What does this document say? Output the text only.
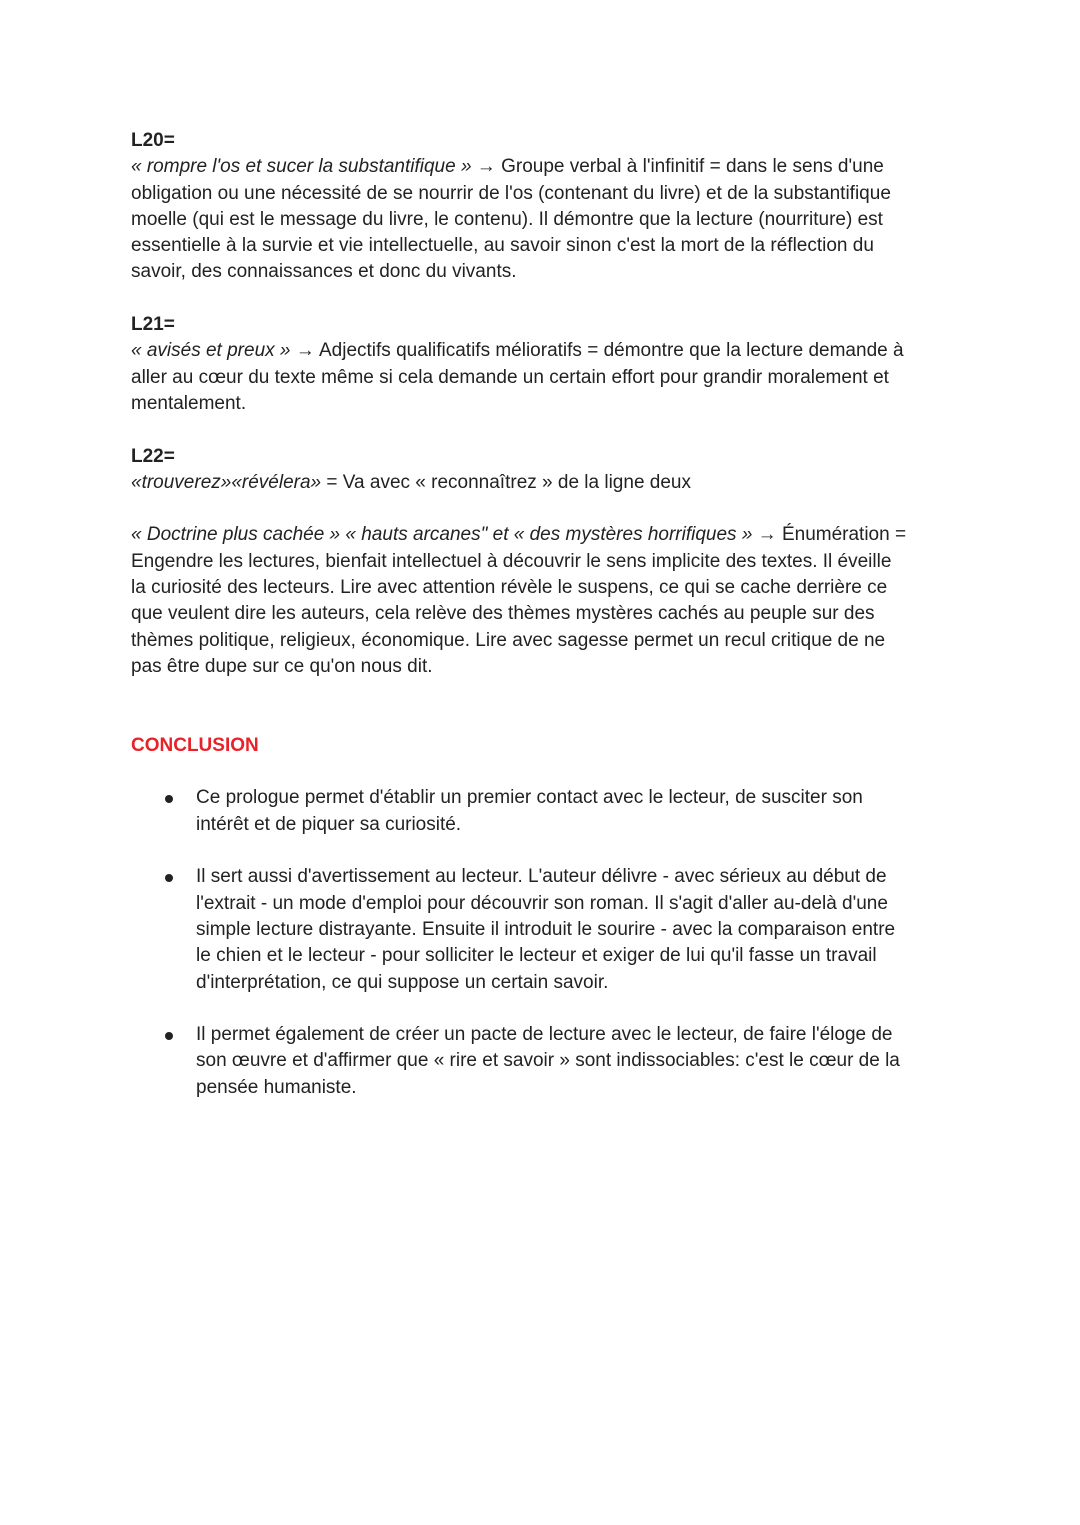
L20=

« rompre l'os et sucer la substantifique » → Groupe verbal à l'infinitif = dans le sens d'une

obligation ou une nécessité de se nourrir de l'os (contenant du livre) et de la substantifique

moelle (qui est le message du livre, le contenu). Il démontre que la lecture (nourriture) est

essentielle à la survie et vie intellectuelle, au savoir sinon c'est la mort de la réflection du

savoir, des connaissances et donc du vivants.

L21=

« avisés et preux » → Adjectifs qualificatifs mélioratifs = démontre que la lecture demande à

aller au cœur du texte même si cela demande un certain effort pour grandir moralement et

mentalement.

L22=

«trouverez»«révélera» = Va avec « reconnaîtrez » de la ligne deux

« Doctrine plus cachée » « hauts arcanes" et « des mystères horrifiques » → Énumération =

Engendre les lectures, bienfait intellectuel à découvrir le sens implicite des textes. Il éveille

la curiosité des lecteurs. Lire avec attention révèle le suspens, ce qui se cache derrière ce

que veulent dire les auteurs, cela relève des thèmes mystères cachés au peuple sur des

thèmes politique, religieux, économique. Lire avec sagesse permet un recul critique de ne

pas être dupe sur ce qu'on nous dit.

CONCLUSION

Ce prologue permet d'établir un premier contact avec le lecteur, de susciter son

intérêt et de piquer sa curiosité.

Il sert aussi d'avertissement au lecteur. L'auteur délivre - avec sérieux au début de

l'extrait - un mode d'emploi pour découvrir son roman. Il s'agit d'aller au-delà d'une

simple lecture distrayante. Ensuite il introduit le sourire - avec la comparaison entre

le chien et le lecteur - pour solliciter le lecteur et exiger de lui qu'il fasse un travail

d'interprétation, ce qui suppose un certain savoir.

Il permet également de créer un pacte de lecture avec le lecteur, de faire l'éloge de

son œuvre et d'affirmer que « rire et savoir » sont indissociables: c'est le cœur de la

pensée humaniste.
